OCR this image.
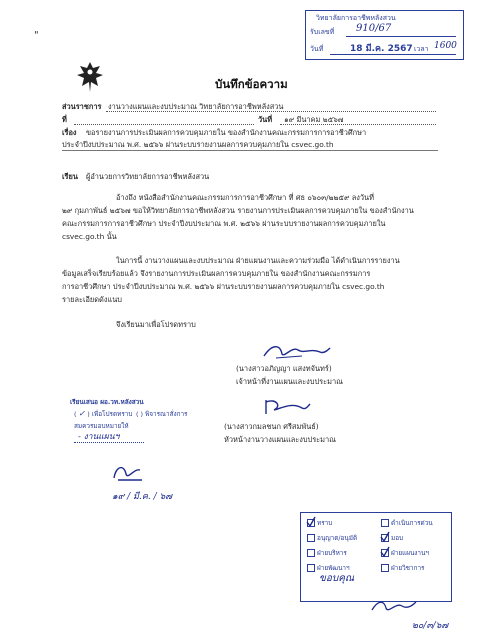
"
วิทยาลัยการอาชีพหลังสวน
รับเลขที่ 910/67
วันที่	18 มี.ค. 2567 เวลา 1600
บันทึกข้อความ
ส่วนราชการ งานวางแผนและงบประมาณ วิทยาลัยการอาชีพหลังสวน
ที่	วันที่ ๑๙ มีนาคม ๒๕๖๗
เรื่อง ขอรายงานการประเมินผลการควบคุมภายใน ของสำนักงานคณะกรรมการการอาชีวศึกษา
ประจำปีงบประมาณ พ.ศ. ๒๕๖๖ ผ่านระบบรายงานผลการควบคุมภายใน csvec.go.th
เรียน ผู้อำนวยการวิทยาลัยการอาชีพหลังสวน
อ้างถึง หนังสือสำนักงานคณะกรรมการการอาชีวศึกษา ที่ ศธ ๐๖๐๓/๒๒๕๙ ลงวันที่
๒๙ กุมภาพันธ์ ๒๕๖๗ ขอให้วิทยาลัยการอาชีพหลังสวน รายงานการประเมินผลการควบคุมภายใน ของสำนักงาน
คณะกรรมการการอาชีวศึกษา ประจำปีงบประมาณ พ.ศ. ๒๕๖๖ ผ่านระบบรายงานผลการควบคุมภายใน
csvec.go.th นั้น
ในการนี้ งานวางแผนและงบประมาณ ฝ่ายแผนงานและความร่วมมือ ได้ดำเนินการรายงาน
ข้อมูลเสร็จเรียบร้อยแล้ว จึงรายงานการประเมินผลการควบคุมภายใน ของสำนักงานคณะกรรมการ
การอาชีวศึกษา ประจำปีงบประมาณ พ.ศ. ๒๕๖๖ ผ่านระบบรายงานผลการควบคุมภายใน csvec.go.th
รายละเอียดดังแนบ
จึงเรียนมาเพื่อโปรดทราบ
(นางสาวอภิญญา แสงทจันทร์)
เจ้าหน้าที่งานแผนและงบประมาณ
(นางสาวกมลชนก ศรีสมพันธ์)
หัวหน้างานวางแผนและงบประมาณ
เรียนเสนอ ผอ.วท.หลังสวน
( ✓ ) เพื่อโปรดทราบ ( ) พิจารณาสั่งการ
สมควรมอบหมายให้
- งานแผนฯ
๑๙ / มี.ค. / ๖๗
ทราบ	ดำเนินการด่วน
อนุญาต/อนุมัติ	มอบ
ฝ่ายบริหาร	ฝ่ายแผนงานฯ
ฝ่ายพัฒนาฯ	ฝ่ายวิชาการ
ขอบคุณ
๒๐/๓/๖๗
